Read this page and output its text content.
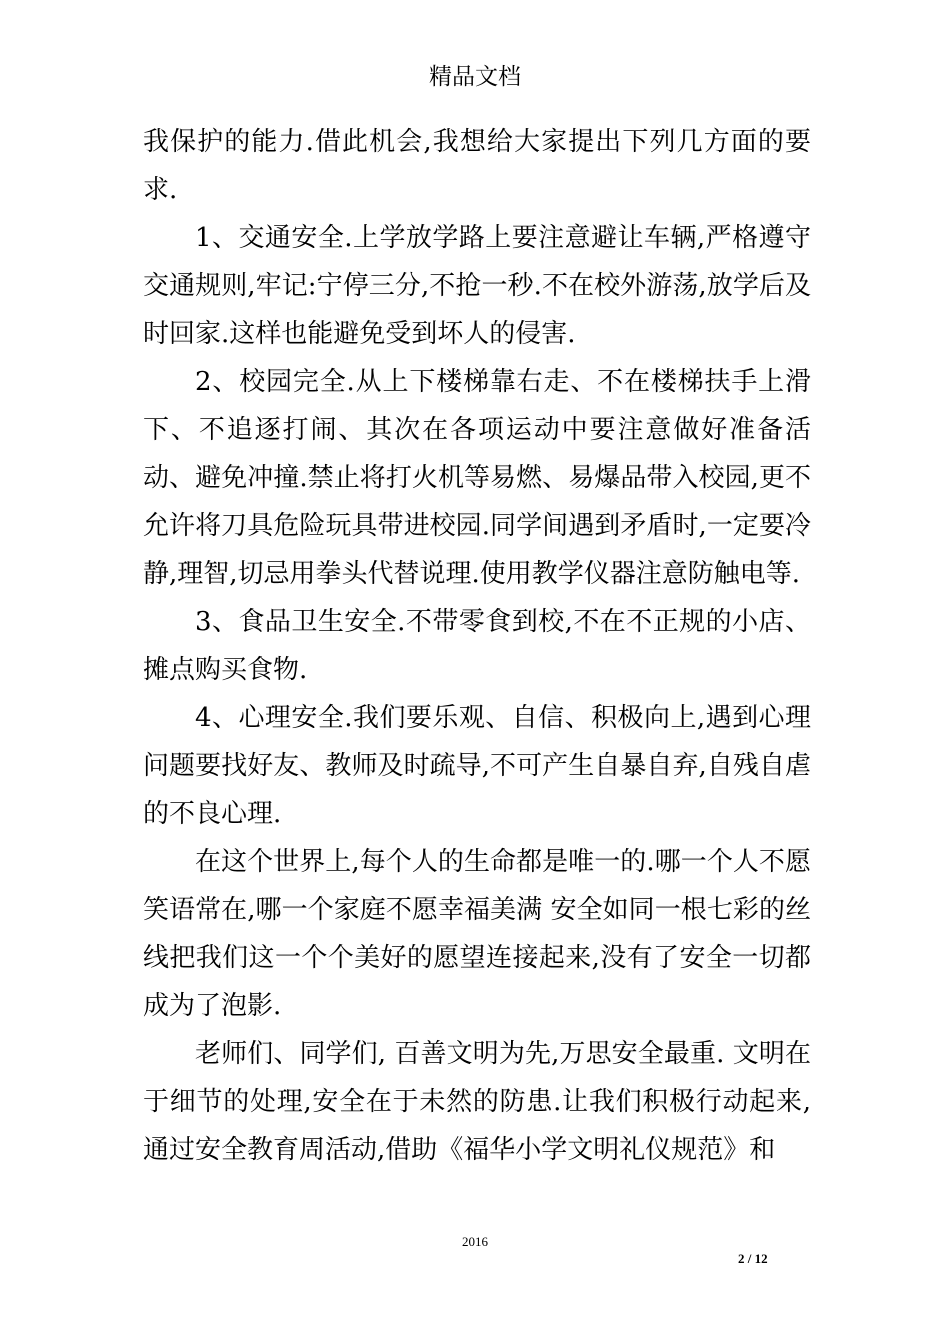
精品文档

我保护的能力.借此机会,我想给大家提出下列几方面的要求.

1、交通安全.上学放学路上要注意避让车辆,严格遵守交通规则,牢记:宁停三分,不抢一秒.不在校外游荡,放学后及时回家.这样也能避免受到坏人的侵害.

2、校园完全.从上下楼梯靠右走、不在楼梯扶手上滑下、不追逐打闹、其次在各项运动中要注意做好准备活动、避免冲撞.禁止将打火机等易燃、易爆品带入校园,更不允许将刀具危险玩具带进校园.同学间遇到矛盾时,一定要冷静,理智,切忌用拳头代替说理.使用教学仪器注意防触电等.

3、食品卫生安全.不带零食到校,不在不正规的小店、摊点购买食物.

4、心理安全.我们要乐观、自信、积极向上,遇到心理问题要找好友、教师及时疏导,不可产生自暴自弃,自残自虐的不良心理.

在这个世界上,每个人的生命都是唯一的.哪一个人不愿笑语常在,哪一个家庭不愿幸福美满 安全如同一根七彩的丝线把我们这一个个美好的愿望连接起来,没有了安全一切都成为了泡影.

老师们、同学们, 百善文明为先,万思安全最重. 文明在于细节的处理,安全在于未然的防患.让我们积极行动起来,通过安全教育周活动,借助《福华小学文明礼仪规范》和

2016
2 / 12
